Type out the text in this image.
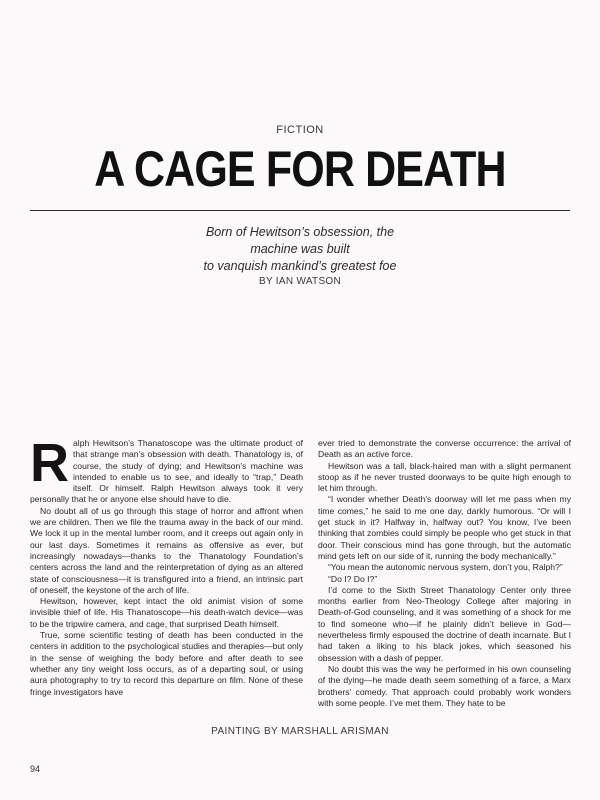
FICTION
A CAGE FOR DEATH
Born of Hewitson’s obsession, the
machine was built
to vanquish mankind’s greatest foe
BY IAN WATSON

Ralph Hewitson’s Thanatoscope was the ultimate product of that strange man’s obsession with death. Thanatology is, of course, the study of dying; and Hewitson’s machine was intended to enable us to see, and ideally to “trap,” Death itself. Or himself. Ralph Hewitson always took it very personally that he or anyone else should have to die.

No doubt all of us go through this stage of horror and affront when we are children. Then we file the trauma away in the back of our mind. We lock it up in the mental lumber room, and it creeps out again only in our last days. Sometimes it remains as offensive as ever, but increasingly nowadays—thanks to the Thanatology Foundation’s centers across the land and the reinterpretation of dying as an altered state of consciousness—it is transfigured into a friend, an intrinsic part of oneself, the keystone of the arch of life.

Hewitson, however, kept intact the old animist vision of some invisible thief of life. His Thanatoscope—his death-watch device—was to be the tripwire camera, and cage, that surprised Death himself.

True, some scientific testing of death has been conducted in the centers in addition to the psychological studies and therapies—but only in the sense of weighing the body before and after death to see whether any tiny weight loss occurs, as of a departing soul, or using aura photography to try to record this departure on film. None of these fringe investigators have

ever tried to demonstrate the converse occurrence: the arrival of Death as an active force.

Hewitson was a tall, black-haired man with a slight permanent stoop as if he never trusted doorways to be quite high enough to let him through.

“I wonder whether Death’s doorway will let me pass when my time comes,” he said to me one day, darkly humorous. “Or will I get stuck in it? Halfway in, halfway out? You know, I’ve been thinking that zombies could simply be people who get stuck in that door. Their conscious mind has gone through, but the automatic mind gets left on our side of it, running the body mechanically.”

“You mean the autonomic nervous system, don’t you, Ralph?”

“Do I? Do I?”

I’d come to the Sixth Street Thanatology Center only three months earlier from Neo-Theology College after majoring in Death-of-God counseling, and it was something of a shock for me to find someone who—if he plainly didn’t believe in God—nevertheless firmly espoused the doctrine of death incarnate. But I had taken a liking to his black jokes, which seasoned his obsession with a dash of pepper.

No doubt this was the way he performed in his own counseling of the dying—he made death seem something of a farce, a Marx brothers’ comedy. That approach could probably work wonders with some people. I’ve met them. They hate to be

PAINTING BY MARSHALL ARISMAN
94
